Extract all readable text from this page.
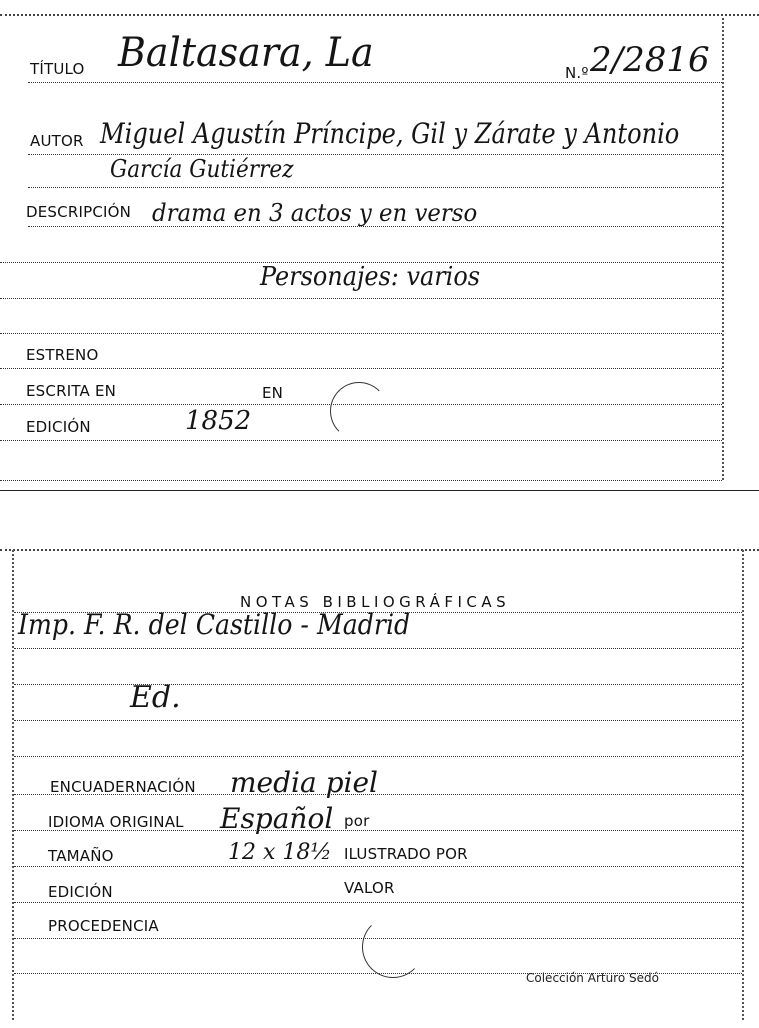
TÍTULO Baltasara, La	N.º 2/2816
AUTOR Miguel Agustín Príncipe, Gil y Zárate y Antonio
García Gutiérrez
DESCRIPCIÓN drama en 3 actos y en verso
Personajes: varios
ESTRENO
ESCRITA EN	EN
EDICIÓN	1852
NOTAS BIBLIOGRÁFICAS
Imp. F. R. del Castillo - Madrid
Ed.
ENCUADERNACIÓN media piel
IDIOMA ORIGINAL Español por
TAMAÑO	12 x 18½ ILUSTRADO POR
EDICIÓN	VALOR
PROCEDENCIA
Colección Arturo Sedó
